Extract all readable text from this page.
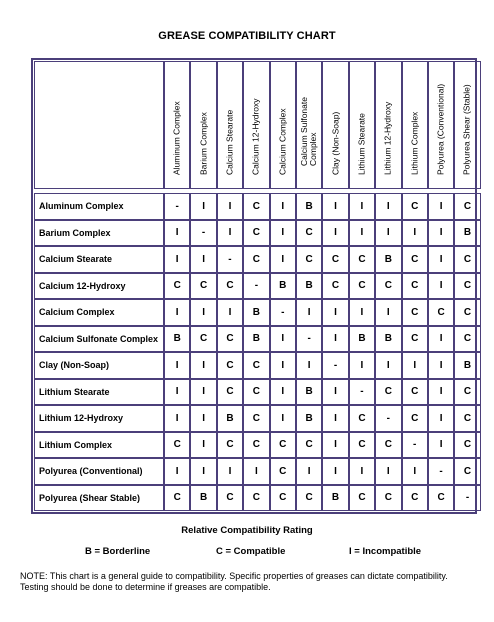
GREASE COMPATIBILITY CHART

	Aluminum Complex	Barium Complex	Calcium Stearate	Calcium 12-Hydroxy	Calcium Complex	Calcium Sulfonate Complex	Clay (Non-Soap)	Lithium Stearate	Lithium 12-Hydroxy	Lithium Complex	Polyurea (Conventional)	Polyurea Shear (Stable)

Aluminum Complex	-	I	I	C	I	B	I	I	I	C	I	C
Barium Complex	I	-	I	C	I	C	I	I	I	I	I	B
Calcium Stearate	I	I	-	C	I	C	C	C	B	C	I	C
Calcium 12-Hydroxy	C	C	C	-	B	B	C	C	C	C	I	C
Calcium Complex	I	I	I	B	-	I	I	I	I	C	C	C
Calcium Sulfonate Complex	B	C	C	B	I	-	I	B	B	C	I	C
Clay (Non-Soap)	I	I	C	C	I	I	-	I	I	I	I	B
Lithium Stearate	I	I	C	C	I	B	I	-	C	C	I	C
Lithium 12-Hydroxy	I	I	B	C	I	B	I	C	-	C	I	C
Lithium Complex	C	I	C	C	C	C	I	C	C	-	I	C
Polyurea (Conventional)	I	I	I	I	C	I	I	I	I	I	-	C
Polyurea (Shear Stable)	C	B	C	C	C	C	B	C	C	C	C	-
Relative Compatibility Rating
B = Borderline	C = Compatible	I = Incompatible
NOTE: This chart is a general guide to compatibility. Specific properties of greases can dictate compatibility. Testing should be done to determine if greases are compatible.
